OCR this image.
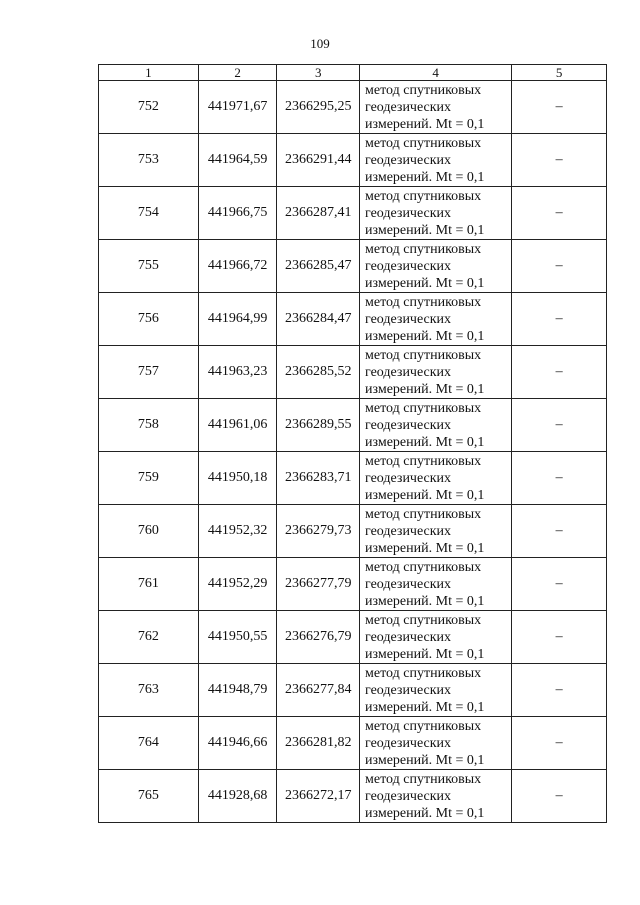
109
1	2	3	4	5
752	441971,67	2366295,25	метод спутниковых геодезических измерений. Mt = 0,1	–
753	441964,59	2366291,44	метод спутниковых геодезических измерений. Mt = 0,1	–
754	441966,75	2366287,41	метод спутниковых геодезических измерений. Mt = 0,1	–
755	441966,72	2366285,47	метод спутниковых геодезических измерений. Mt = 0,1	–
756	441964,99	2366284,47	метод спутниковых геодезических измерений. Mt = 0,1	–
757	441963,23	2366285,52	метод спутниковых геодезических измерений. Mt = 0,1	–
758	441961,06	2366289,55	метод спутниковых геодезических измерений. Mt = 0,1	–
759	441950,18	2366283,71	метод спутниковых геодезических измерений. Mt = 0,1	–
760	441952,32	2366279,73	метод спутниковых геодезических измерений. Mt = 0,1	–
761	441952,29	2366277,79	метод спутниковых геодезических измерений. Mt = 0,1	–
762	441950,55	2366276,79	метод спутниковых геодезических измерений. Mt = 0,1	–
763	441948,79	2366277,84	метод спутниковых геодезических измерений. Mt = 0,1	–
764	441946,66	2366281,82	метод спутниковых геодезических измерений. Mt = 0,1	–
765	441928,68	2366272,17	метод спутниковых геодезических измерений. Mt = 0,1	–
